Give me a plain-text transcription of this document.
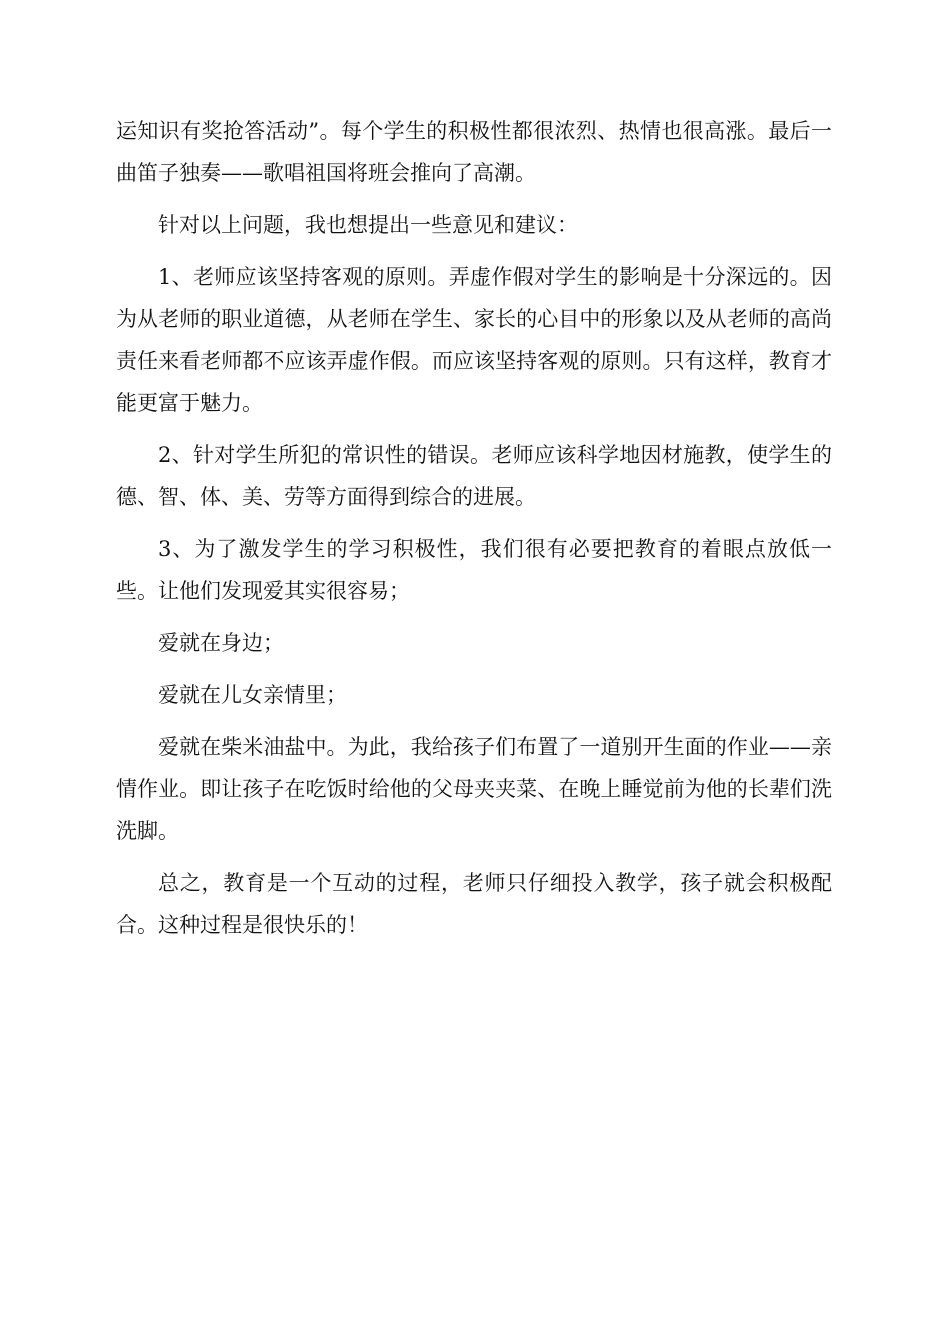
运知识有奖抢答活动”。每个学生的积极性都很浓烈、热情也很高涨。最后一曲笛子独奏——歌唱祖国将班会推向了高潮。

针对以上问题，我也想提出一些意见和建议：

1、老师应该坚持客观的原则。弄虚作假对学生的影响是十分深远的。因为从老师的职业道德，从老师在学生、家长的心目中的形象以及从老师的高尚责任来看老师都不应该弄虚作假。而应该坚持客观的原则。只有这样，教育才能更富于魅力。

2、针对学生所犯的常识性的错误。老师应该科学地因材施教，使学生的德、智、体、美、劳等方面得到综合的进展。

3、为了激发学生的学习积极性，我们很有必要把教育的着眼点放低一些。让他们发现爱其实很容易；

爱就在身边；

爱就在儿女亲情里；

爱就在柴米油盐中。为此，我给孩子们布置了一道别开生面的作业——亲情作业。即让孩子在吃饭时给他的父母夹夹菜、在晚上睡觉前为他的长辈们洗洗脚。

总之，教育是一个互动的过程，老师只仔细投入教学，孩子就会积极配合。这种过程是很快乐的！
